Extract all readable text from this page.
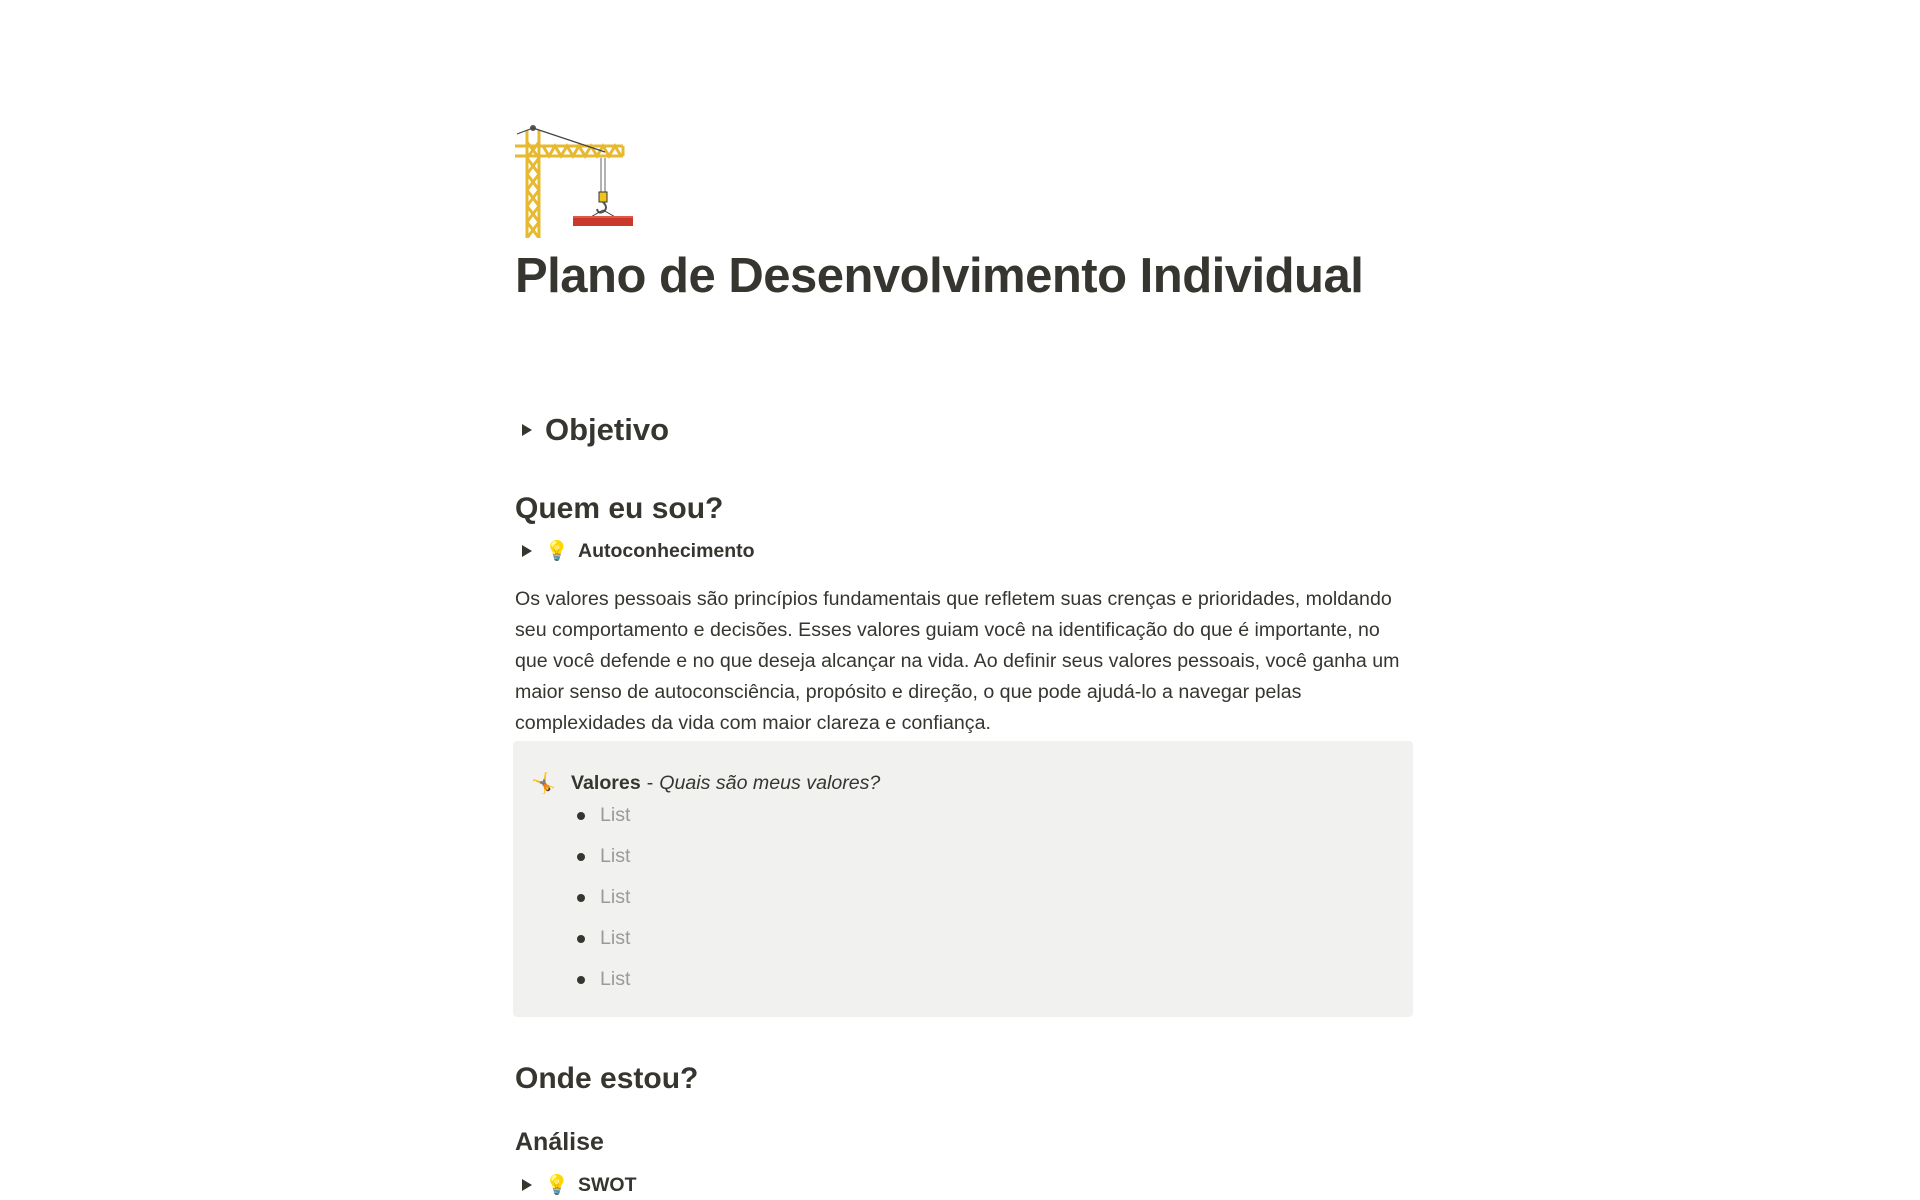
Plano de Desenvolvimento Individual
Objetivo
Quem eu sou?
💡 Autoconhecimento

Os valores pessoais são princípios fundamentais que refletem suas crenças e prioridades, moldando seu comportamento e decisões. Esses valores guiam você na identificação do que é importante, no que você defende e no que deseja alcançar na vida. Ao definir seus valores pessoais, você ganha um maior senso de autoconsciência, propósito e direção, o que pode ajudá-lo a navegar pelas complexidades da vida com maior clareza e confiança.

🤸 Valores - Quais são meus valores?
List
List
List
List
List
Onde estou?
Análise
💡 SWOT
